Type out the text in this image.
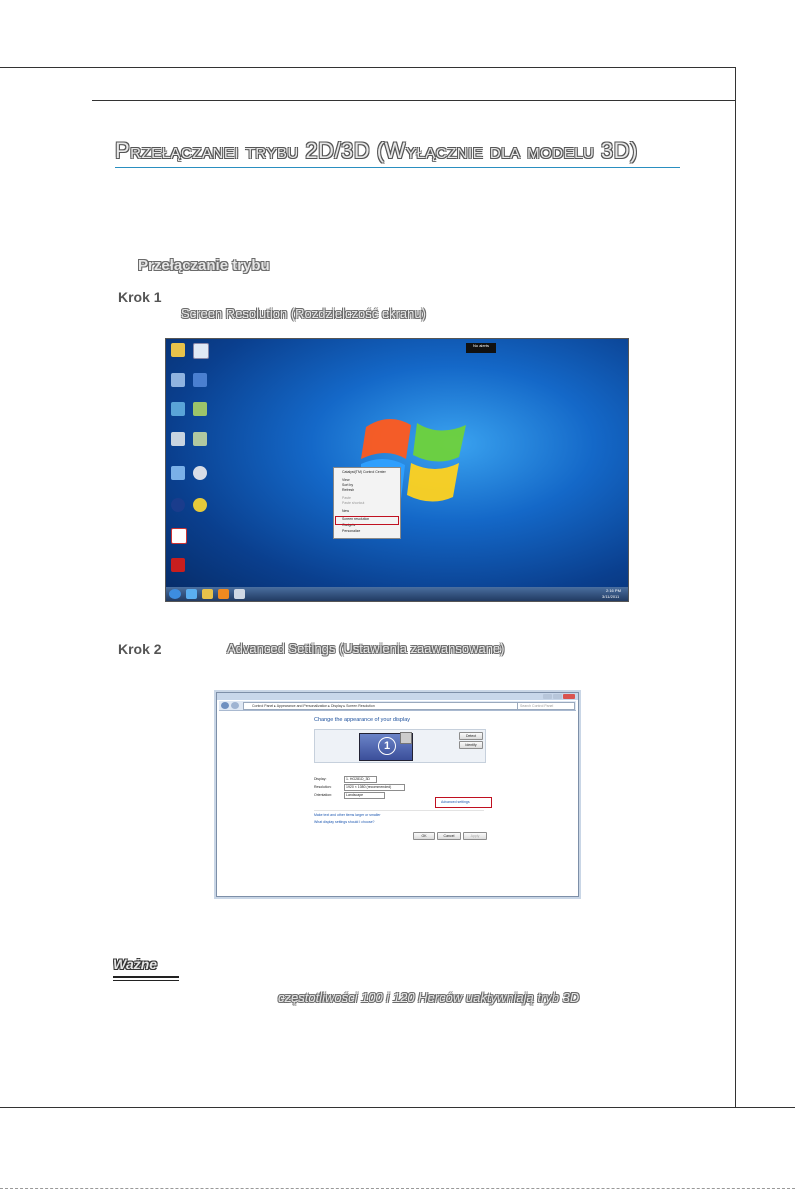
Przełączanei trybu 2D/3D (Wyłącznie dla modelu 3D)
Przełączanie trybu
Krok 1
Screen Resolution (Rozdzielczość ekranu)
No alerts
Catalyst(TM) Control Center
View
Sort by
Refresh
Paste
Paste shortcut
New
Screen resolution
Gadgets
Personalize
2:16 PM
3/11/2011
Krok 2	Advanced Settings (Ustawienia zaawansowane)
Control Panel ▸ Appearance and Personalization ▸ Display ▸ Screen Resolution	Search Control Panel
Change the appearance of your display
1
Detect
Identify
Display:	1. HG281D_3D
Resolution:	1920 × 1080 (recommended)
Orientation:	Landscape
Advanced settings
Make text and other items larger or smaller
What display settings should I choose?
OK	Cancel	Apply
Ważne
częstotliwości 100 i 120 Herców uaktywniają tryb 3D
